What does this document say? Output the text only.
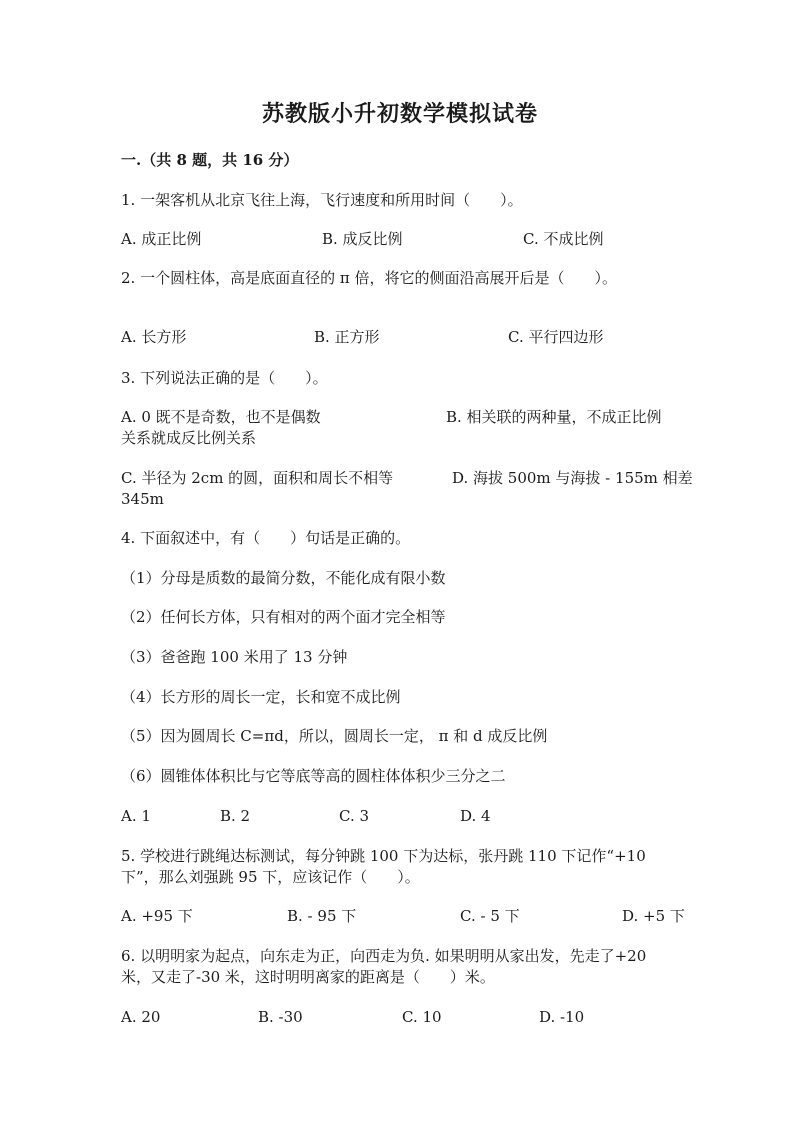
苏教版小升初数学模拟试卷
一.（共 8 题，共 16 分）
1. 一架客机从北京飞往上海，飞行速度和所用时间（　　）。
A. 成正比例	B. 成反比例	C. 不成比例
2. 一个圆柱体，高是底面直径的 π 倍，将它的侧面沿高展开后是（　　）。
A. 长方形	B. 正方形	C. 平行四边形
3. 下列说法正确的是（　　）。
A. 0 既不是奇数，也不是偶数	B. 相关联的两种量，不成正比例
关系就成反比例关系
C. 半径为 2cm 的圆，面积和周长不相等	D. 海拔 500m 与海拔 - 155m 相差
345m
4. 下面叙述中，有（　　）句话是正确的。
（1）分母是质数的最简分数，不能化成有限小数
（2）任何长方体，只有相对的两个面才完全相等
（3）爸爸跑 100 米用了 13 分钟
（4）长方形的周长一定，长和宽不成比例
（5）因为圆周长 C=πd，所以，圆周长一定， π 和 d 成反比例
（6）圆锥体体积比与它等底等高的圆柱体体积少三分之二
A. 1	B. 2	C. 3	D. 4
5. 学校进行跳绳达标测试，每分钟跳 100 下为达标，张丹跳 110 下记作“+10
下”，那么刘强跳 95 下，应该记作（　　）。
A. +95 下	B. - 95 下	C. - 5 下	D. +5 下
6. 以明明家为起点，向东走为正，向西走为负. 如果明明从家出发，先走了+20
米，又走了-30 米，这时明明离家的距离是（　　）米。
A. 20	B. -30	C. 10	D. -10
